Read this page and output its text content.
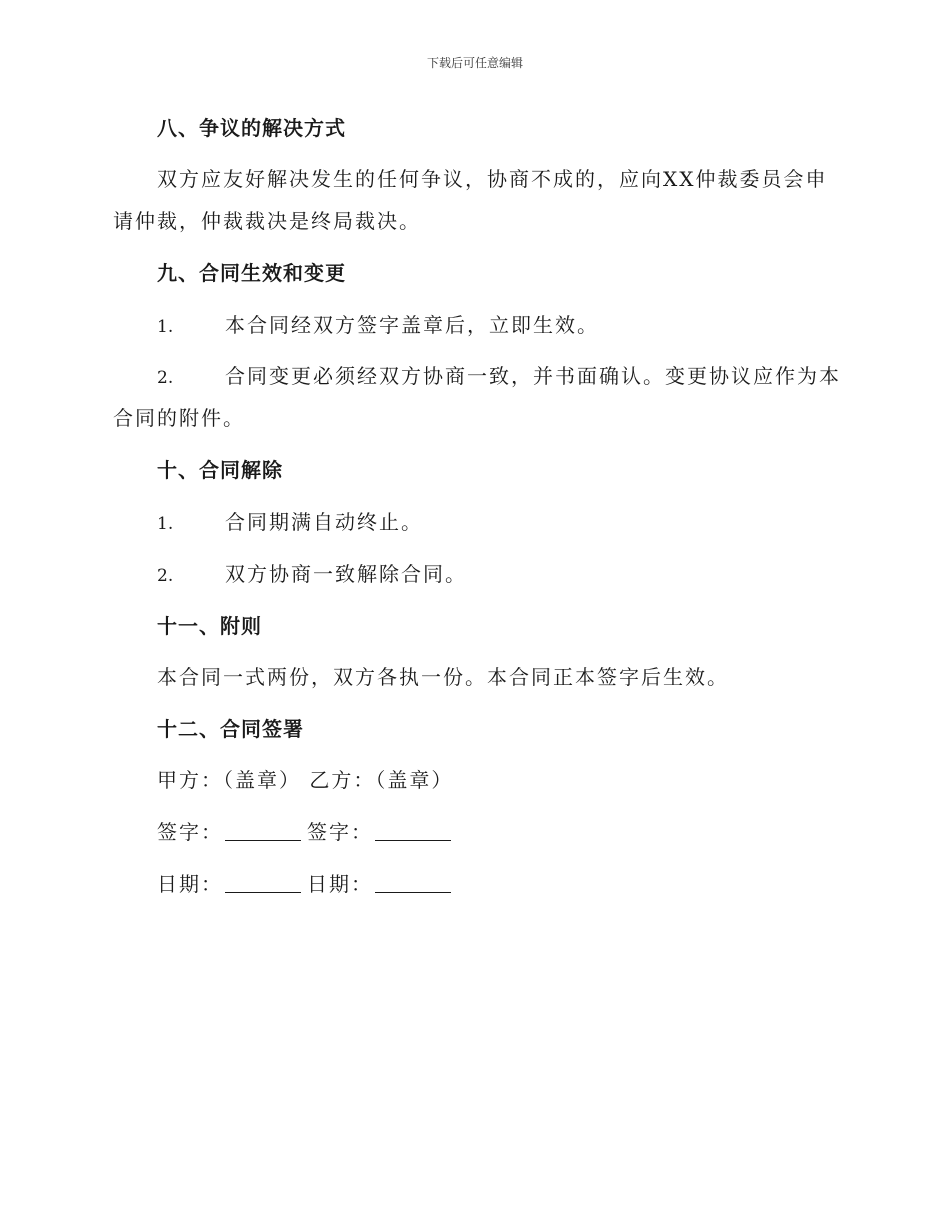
下载后可任意编辑
八、争议的解决方式
双方应友好解决发生的任何争议，协商不成的，应向XX仲裁委员会申
请仲裁，仲裁裁决是终局裁决。
九、合同生效和变更
1.	本合同经双方签字盖章后，立即生效。
2.	合同变更必须经双方协商一致，并书面确认。变更协议应作为本
合同的附件。
十、合同解除
1.	合同期满自动终止。
2.	双方协商一致解除合同。
十一、附则
本合同一式两份，双方各执一份。本合同正本签字后生效。
十二、合同签署
甲方：（盖章） 乙方：（盖章）
签字：	签字：
日期：	日期：
